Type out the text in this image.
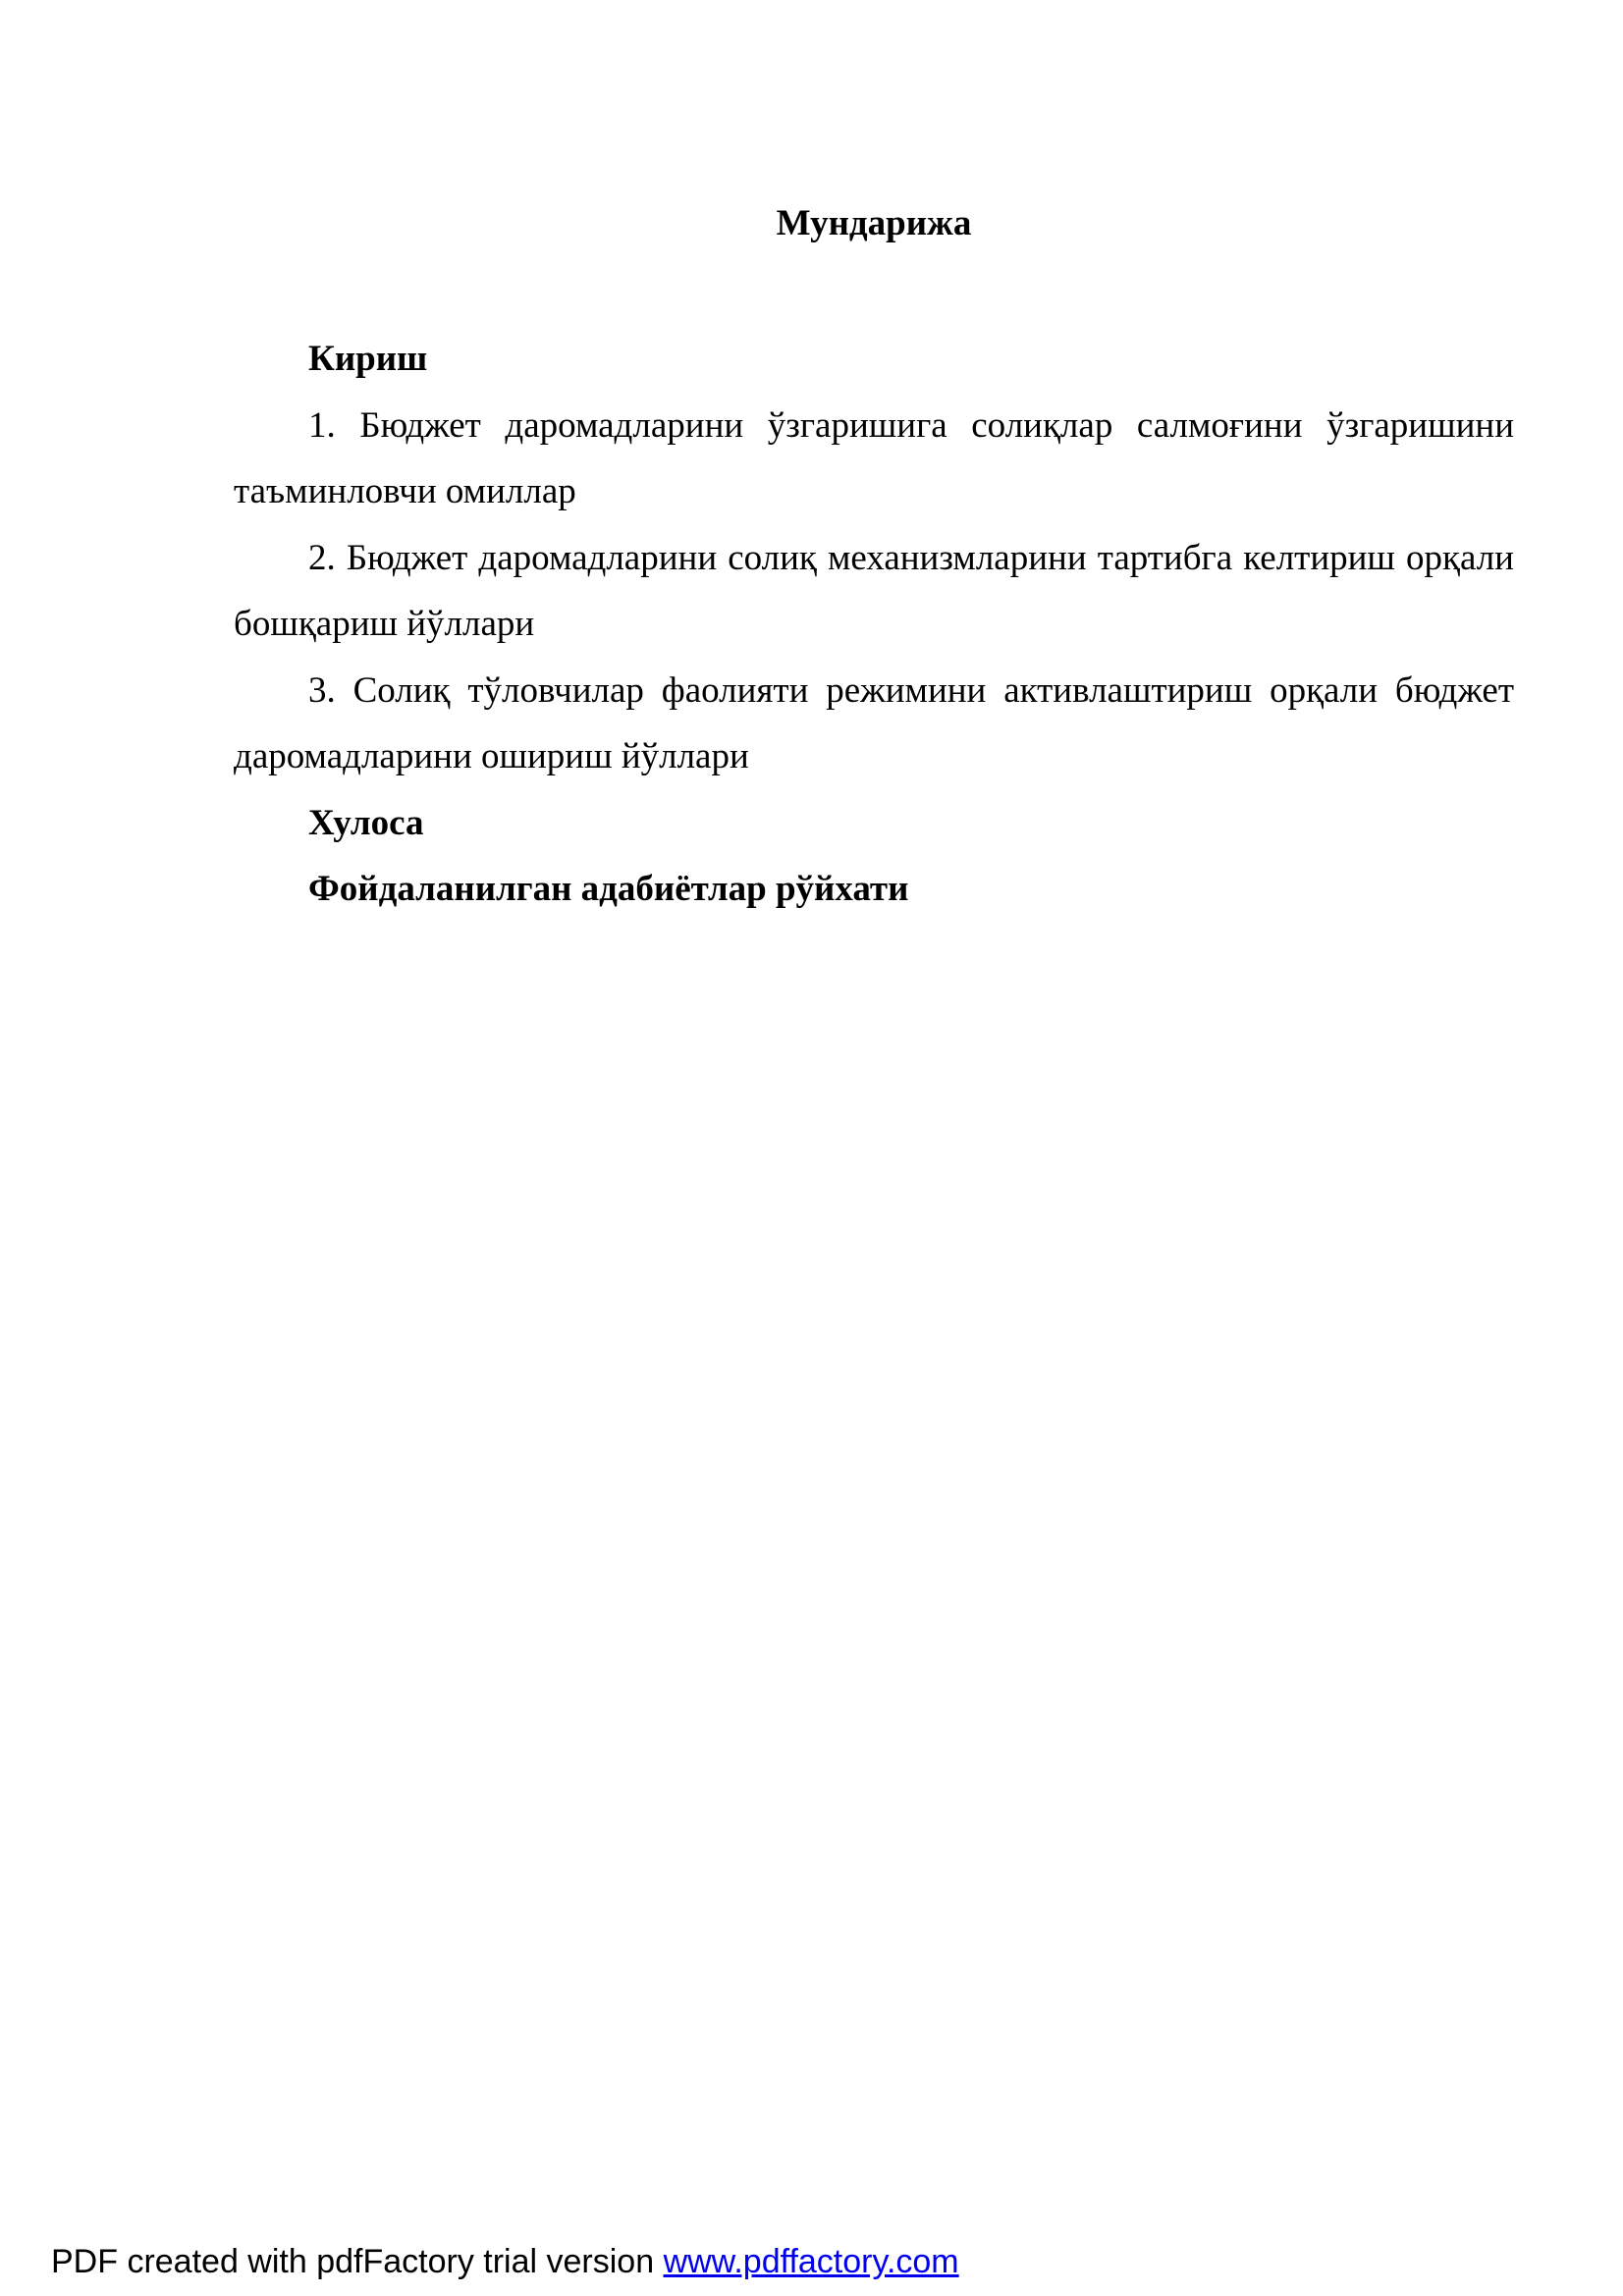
Мундарижа

Кириш

1. Бюджет даромадларини ўзгаришига солиқлар салмоғини ўзгаришини таъминловчи омиллар

2. Бюджет даромадларини солиқ механизмларини тартибга келтириш орқали бошқариш йўллари

3. Солиқ тўловчилар фаолияти режимини активлаштириш орқали бюджет даромадларини ошириш йўллари

Хулоса

Фойдаланилган адабиётлар рўйхати

PDF created with pdfFactory trial version www.pdffactory.com
